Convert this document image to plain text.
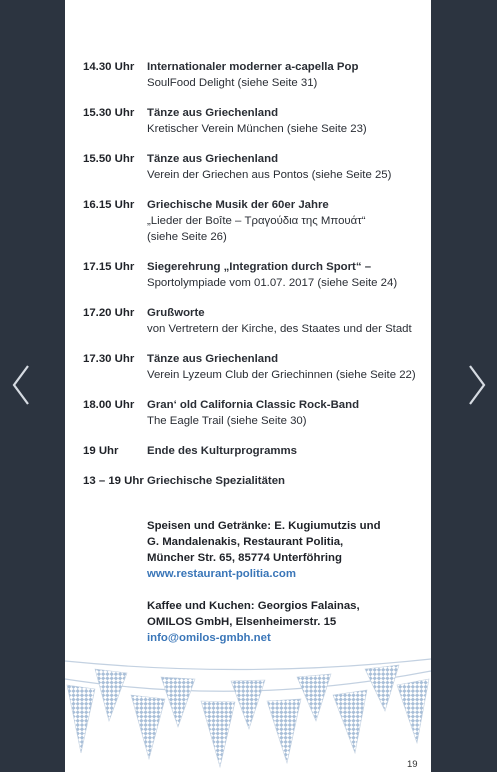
14.30 Uhr	Internationaler moderner a-capella Pop
SoulFood Delight (siehe Seite 31)
15.30 Uhr	Tänze aus Griechenland
Kretischer Verein München (siehe Seite 23)
15.50 Uhr	Tänze aus Griechenland
Verein der Griechen aus Pontos (siehe Seite 25)
16.15 Uhr	Griechische Musik der 60er Jahre
„Lieder der Boîte – Τραγούδια της Μπουάτ“
(siehe Seite 26)
17.15 Uhr	Siegerehrung „Integration durch Sport“ –
Sportolympiade vom 01.07. 2017 (siehe Seite 24)
17.20 Uhr	Grußworte
von Vertretern der Kirche, des Staates und der Stadt
17.30 Uhr	Tänze aus Griechenland
Verein Lyzeum Club der Griechinnen (siehe Seite 22)
18.00 Uhr	Gran‘ old California Classic Rock-Band
The Eagle Trail (siehe Seite 30)
19 Uhr	Ende des Kulturprogramms
13 – 19 Uhr Griechische Spezialitäten
Speisen und Getränke: E. Kugiumutzis und
G. Mandalenakis, Restaurant Politia,
Müncher Str. 65, 85774 Unterföhring
www.restaurant-politia.com
Kaffee und Kuchen: Georgios Falainas,
OMILOS GmbH, Elsenheimerstr. 15
info@omilos-gmbh.net
19
